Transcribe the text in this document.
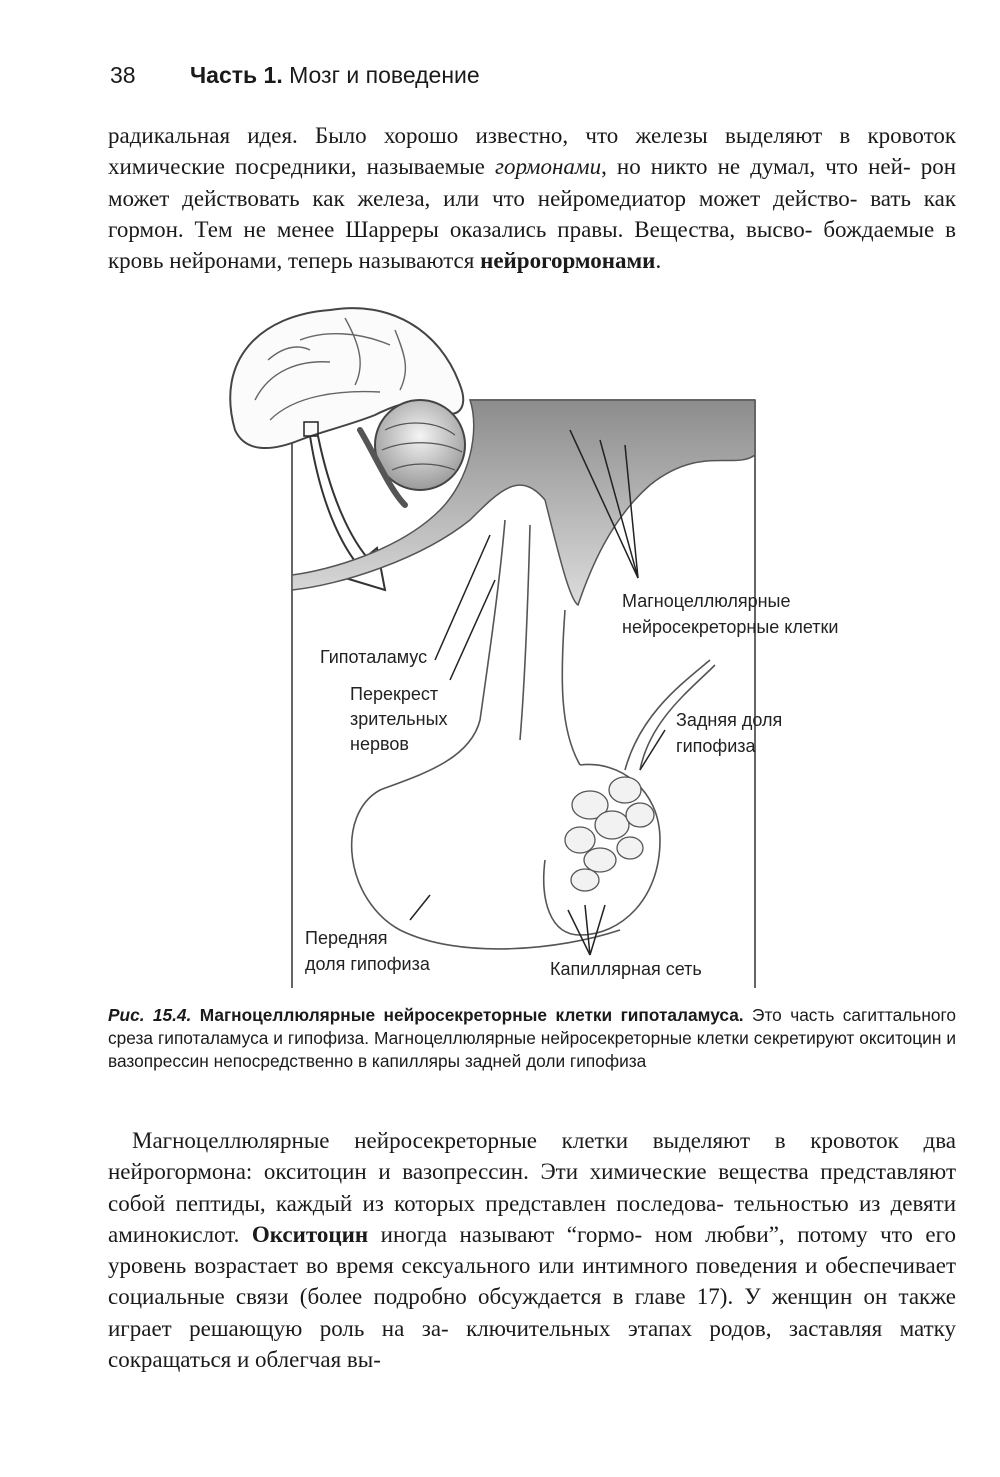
38 Часть 1. Мозг и поведение

радикальная идея. Было хорошо известно, что железы выделяют в кровоток химические посредники, называемые гормонами, но никто не думал, что ней- рон может действовать как железа, или что нейромедиатор может действо- вать как гормон. Тем не менее Шарреры оказались правы. Вещества, высво- бождаемые в кровь нейронами, теперь называются нейрогормонами.

Магноцеллюлярные
нейросекреторные клетки
Гипоталамус
Перекрест
зрительных
нервов
Задняя доля
гипофиза
Передняя
доля гипофиза	Капиллярная сеть

Рис. 15.4. Магноцеллюлярные нейросекреторные клетки гипоталамуса. Это часть сагиттального среза гипоталамуса и гипофиза. Магноцеллюлярные нейросекреторные клетки секретируют окситоцин и вазопрессин непосредственно в капилляры задней доли гипофиза

Магноцеллюлярные нейросекреторные клетки выделяют в кровоток два нейрогормона: окситоцин и вазопрессин. Эти химические вещества представляют собой пептиды, каждый из которых представлен последова- тельностью из девяти аминокислот. Окситоцин иногда называют “гормо- ном любви”, потому что его уровень возрастает во время сексуального или интимного поведения и обеспечивает социальные связи (более подробно обсуждается в главе 17). У женщин он также играет решающую роль на за- ключительных этапах родов, заставляя матку сокращаться и облегчая вы-
